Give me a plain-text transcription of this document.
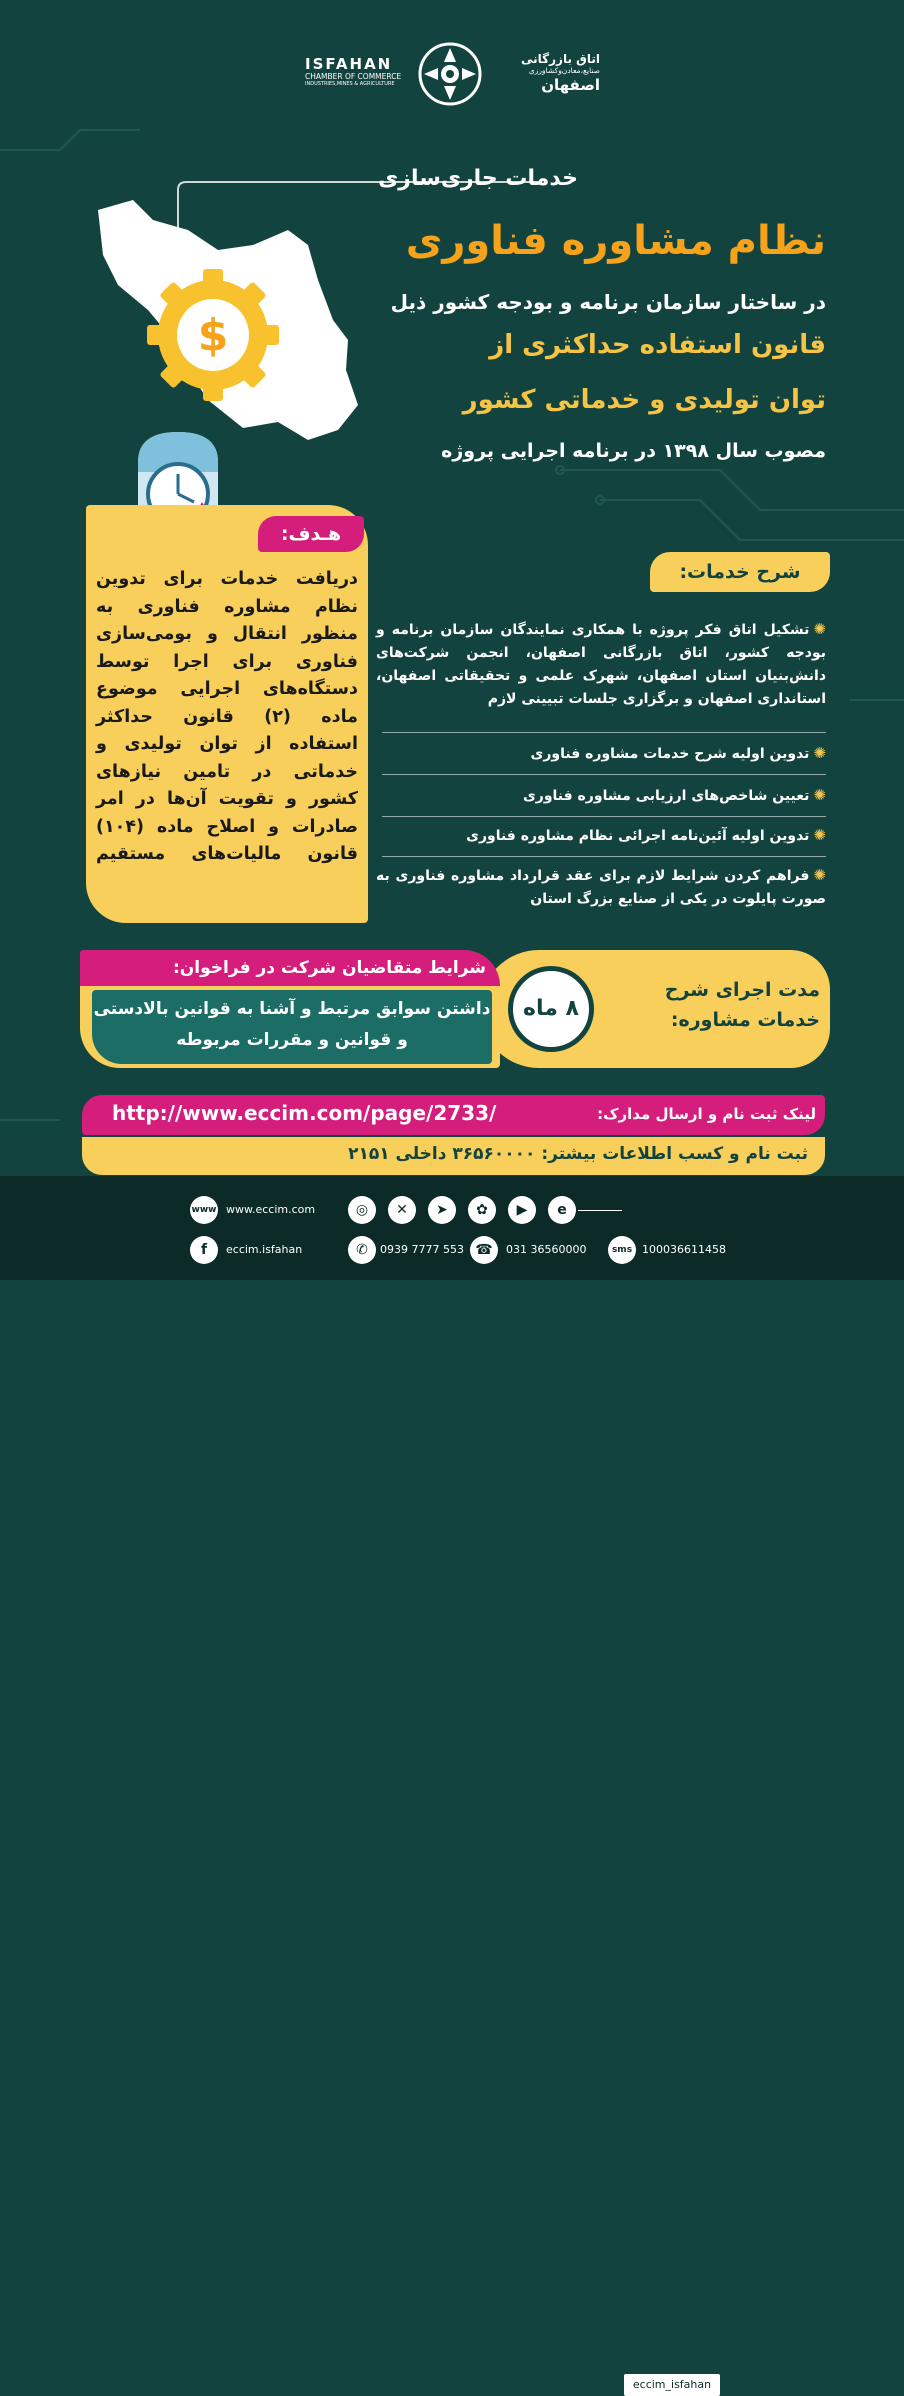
ISFAHAN
CHAMBER OF COMMERCE
INDUSTRIES,MINES & AGRICULTURE
اتاق بازرگانی
صنایع،معادن‌وکشاورزی
اصفهان
$
خدمات جاری‌سازی
نظام مشاوره فناوری
در ساختار سازمان برنامه و بودجه کشور ذیل
قانون استفاده حداکثری از
توان تولیدی و خدماتی کشور
مصوب سال ۱۳۹۸ در برنامه اجرایی پروژه
هـدف:
دریافت خدمات برای تدوین نظام مشاوره فناوری به منظور انتقال و بومی‌سازی فناوری برای اجرا توسط دستگاه‌های اجرایی موضوع ماده (۲) قانون حداکثر استفاده از توان تولیدی و خدماتی در تامین نیازهای کشور و تقویت آن‌ها در امر صادرات و اصلاح ماده (۱۰۴) قانون مالیات‌های مستقیم
شرح خدمات:
✺تشکیل اتاق فکر پروژه با همکاری نمایندگان سازمان برنامه و بودجه کشور، اتاق بازرگانی اصفهان، انجمن شرکت‌های دانش‌بنیان استان اصفهان، شهرک علمی و تحقیقاتی اصفهان، استانداری اصفهان و برگزاری جلسات تبیینی لازم
✺تدوین اولیه شرح خدمات مشاوره فناوری
✺تعیین شاخص‌های ارزیابی مشاوره فناوری
✺تدوین اولیه آئین‌نامه اجرائی نظام مشاوره فناوری
✺فراهم کردن شرایط لازم برای عقد قرارداد مشاوره فناوری به صورت پایلوت در یکی از صنایع بزرگ استان
مدت اجرای شرح
خدمات مشاوره:
۸ ماه
شرایط متقاضیان شرکت در فراخوان:
داشتن سوابق مرتبط و آشنا به قوانین بالادستی و قوانین و مقررات مربوطه
لینک ثبت نام و ارسال مدارک:
http://www.eccim.com/page/2733/
ثبت نام و کسب اطلاعات بیشتر: ۳۶۵۶۰۰۰۰ داخلی ۲۱۵۱
www www.eccim.com
f	eccim.isfahan
◎	✕	➤	✿	▶	e
eccim_isfahan
✆	0939 7777 553 ☎	031 36560000	sms 100036611458
